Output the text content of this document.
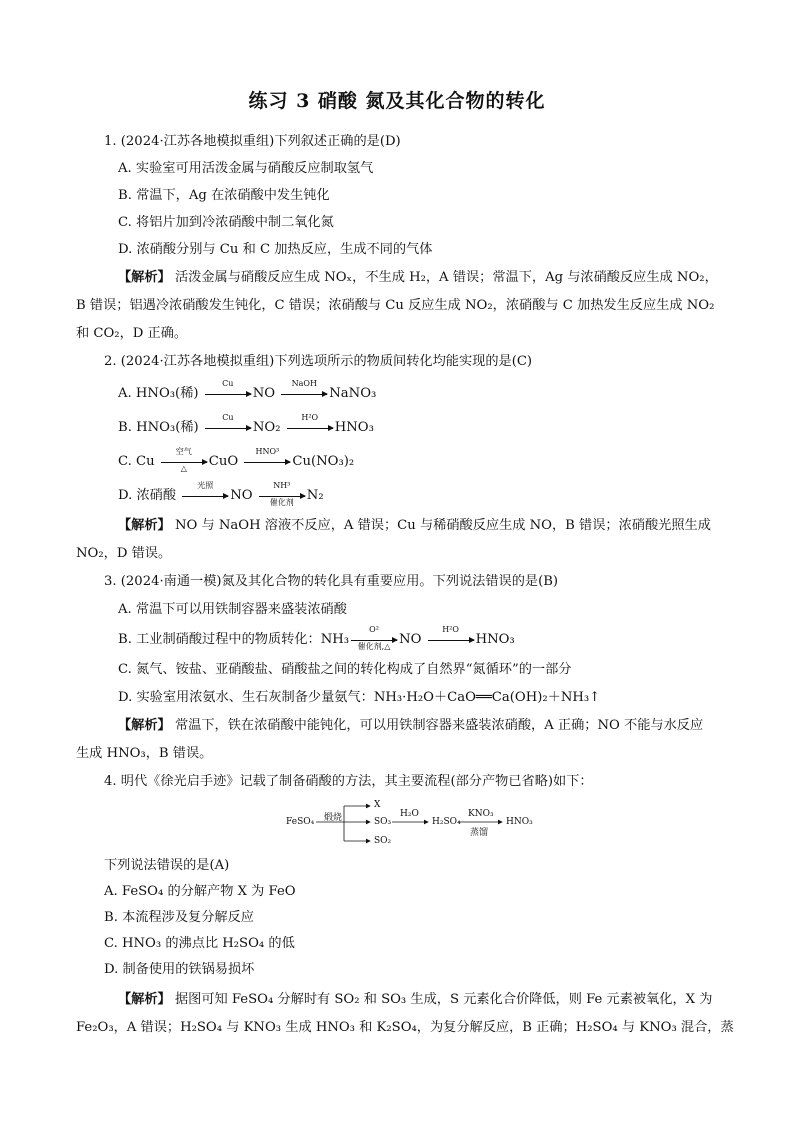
练习 3 硝酸 氮及其化合物的转化
1. (2024·江苏各地模拟重组)下列叙述正确的是(D)
A. 实验室可用活泼金属与硝酸反应制取氢气
B. 常温下，Ag 在浓硝酸中发生钝化
C. 将铝片加到冷浓硝酸中制二氧化氮
D. 浓硝酸分别与 Cu 和 C 加热反应，生成不同的气体
【解析】 活泼金属与硝酸反应生成 NOₓ，不生成 H₂，A 错误；常温下，Ag 与浓硝酸反应生成 NO₂，
B 错误；铝遇冷浓硝酸发生钝化，C 错误；浓硝酸与 Cu 反应生成 NO₂，浓硝酸与 C 加热发生反应生成 NO₂
和 CO₂，D 正确。
2. (2024·江苏各地模拟重组)下列选项所示的物质间转化均能实现的是(C)
A. HNO₃(稀)
Cu
NO
NaOH
NaNO₃
B. HNO₃(稀)
Cu
NO₂
H²O
HNO₃
C. Cu
空气
△	CuO
HNO³
Cu(NO₃)₂
D. 浓硝酸
光照
NO
NH³
催化剂 N₂
【解析】 NO 与 NaOH 溶液不反应，A 错误；Cu 与稀硝酸反应生成 NO，B 错误；浓硝酸光照生成
NO₂，D 错误。
3. (2024·南通一模)氮及其化合物的转化具有重要应用。下列说法错误的是(B)
A. 常温下可以用铁制容器来盛装浓硝酸
B. 工业制硝酸过程中的物质转化：NH₃
O²
催化剂,△ NO
H²O
HNO₃
C. 氮气、铵盐、亚硝酸盐、硝酸盐之间的转化构成了自然界“氮循环”的一部分
D. 实验室用浓氨水、生石灰制备少量氨气：NH₃·H₂O＋CaO══Ca(OH)₂＋NH₃↑
【解析】 常温下，铁在浓硝酸中能钝化，可以用铁制容器来盛装浓硝酸，A 正确；NO 不能与水反应
生成 HNO₃，B 错误。
4. 明代《徐光启手迹》记载了制备硝酸的方法，其主要流程(部分产物已省略)如下：
FeSO₄ 煅烧
X
SO₃
SO₂
H₂O
H₂SO₄
KNO₃
蒸馏
HNO₃
下列说法错误的是(A)
A. FeSO₄ 的分解产物 X 为 FeO
B. 本流程涉及复分解反应
C. HNO₃ 的沸点比 H₂SO₄ 的低
D. 制备使用的铁锅易损坏
【解析】 据图可知 FeSO₄ 分解时有 SO₂ 和 SO₃ 生成，S 元素化合价降低，则 Fe 元素被氧化，X 为
Fe₂O₃，A 错误；H₂SO₄ 与 KNO₃ 生成 HNO₃ 和 K₂SO₄，为复分解反应，B 正确；H₂SO₄ 与 KNO₃ 混合，蒸
